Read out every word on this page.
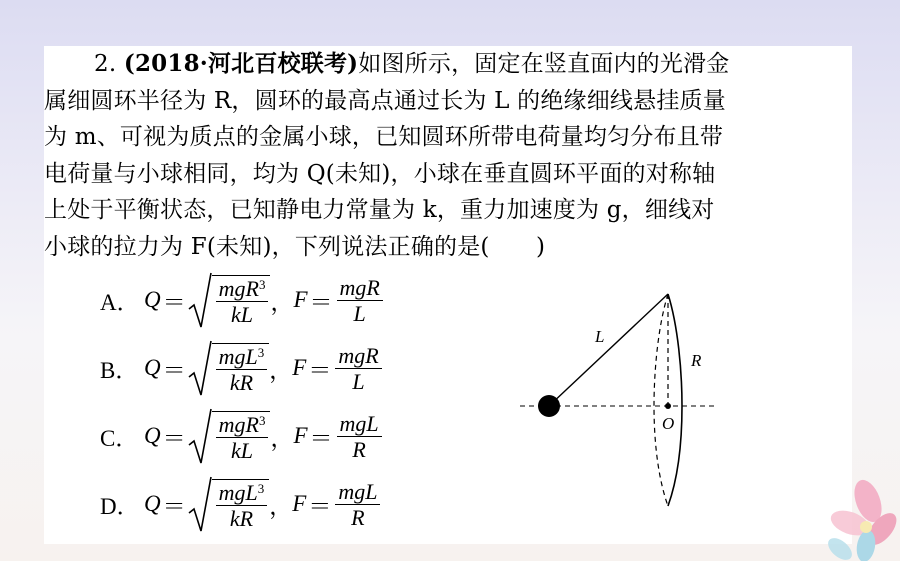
2. (2018·河北百校联考)如图所示，固定在竖直面内的光滑金
属细圆环半径为 R，圆环的最高点通过长为 L 的绝缘细线悬挂质量
为 m、可视为质点的金属小球，已知圆环所带电荷量均匀分布且带
电荷量与小球相同，均为 Q(未知)，小球在垂直圆环平面的对称轴
上处于平衡状态，已知静电力常量为 k，重力加速度为 g，细线对
小球的拉力为 F(未知)，下列说法正确的是(　　)

A． $Q = \frac{mgR^3}{kL}$ ， $F = \frac{\text{mgR}}{L}$
B． $Q = \frac{mgL^3}{kR}$ ， $F = \frac{\text{mgR}}{L}$
C． $Q = \frac{mgR^3}{kL}$ ， $F = \frac{\text{mgL}}{R}$
D． $Q = \frac{mgL^3}{kR}$ ， $F = \frac{\text{mgL}}{R}$
L
R
O
